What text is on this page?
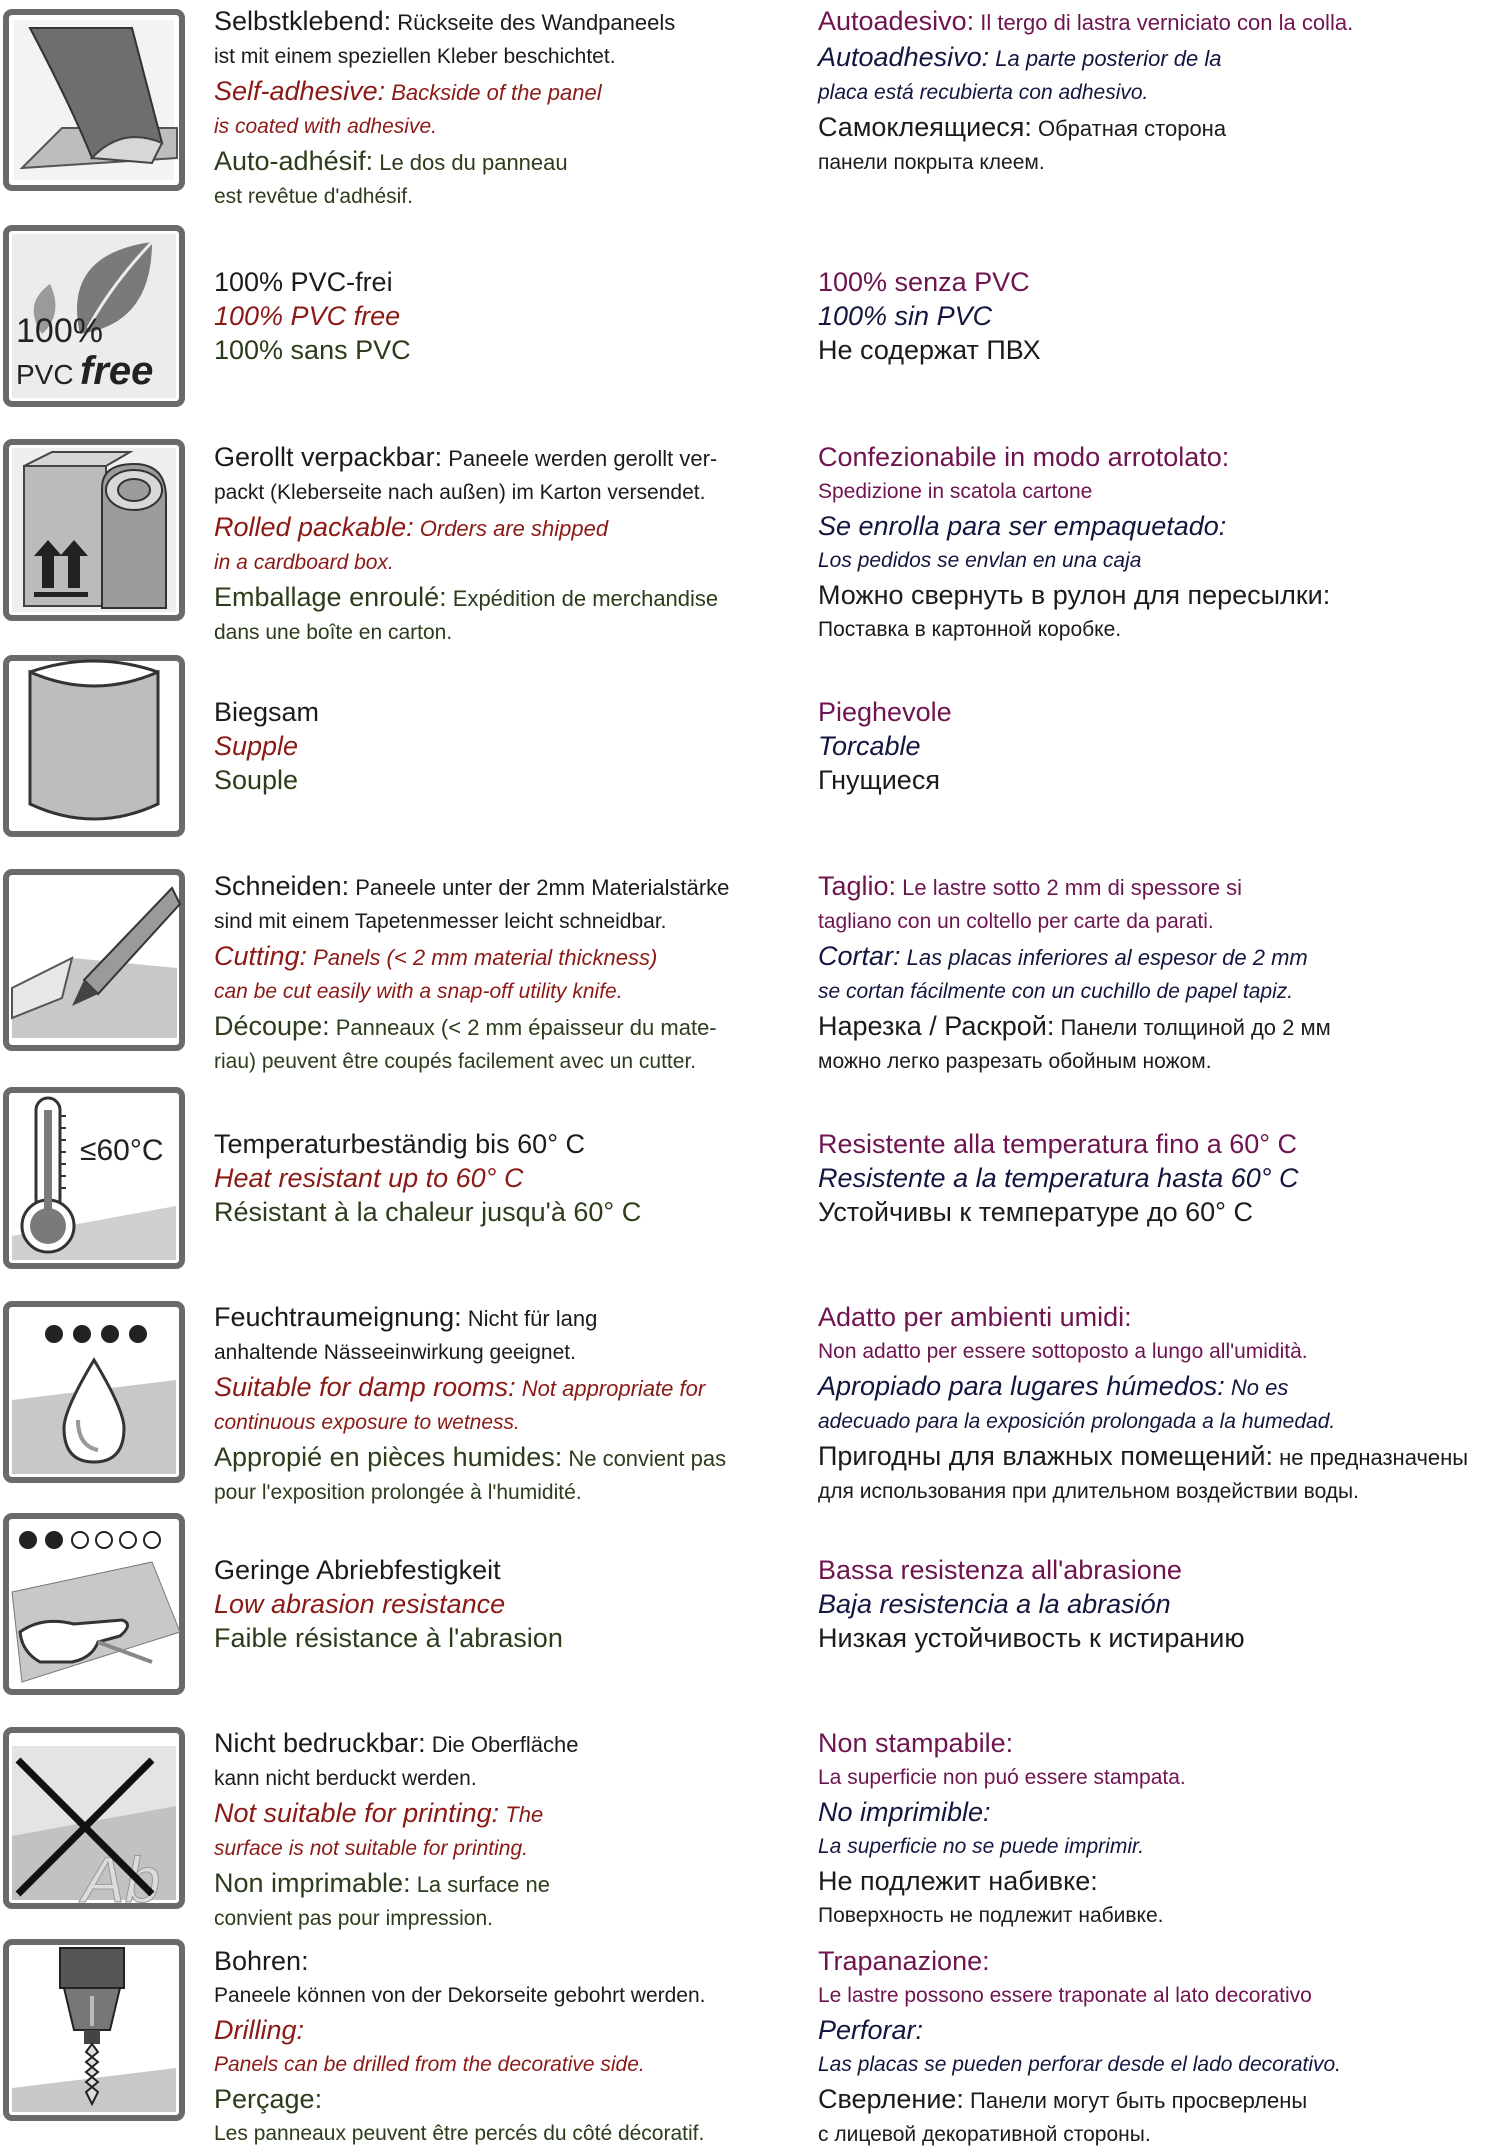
Selbstklebend: Rückseite des Wandpaneels
ist mit einem speziellen Kleber beschichtet.
Self-adhesive: Backside of the panel
is coated with adhesive.
Auto-adhésif: Le dos du panneau
est revêtue d'adhésif.
Autoadesivo: Il tergo di lastra verniciato con la colla.
Autoadhesivo: La parte posterior de la
placa está recubierta con adhesivo.
Самоклеящиеся: Обратная сторона
панели покрыта клеем.
100%
PVC free
100% PVC-frei
100% PVC free
100% sans PVC
100% senza PVC
100% sin PVC
Не содержат ПВХ
Gerollt verpackbar: Paneele werden gerollt ver-
packt (Kleberseite nach außen) im Karton versendet.
Rolled packable: Orders are shipped
in a cardboard box.
Emballage enroulé: Expédition de merchandise
dans une boîte en carton.
Confezionabile in modo arrotolato:
Spedizione in scatola cartone
Se enrolla para ser empaquetado:
Los pedidos se envlan en una caja
Можно свернуть в рулон для пересылки:
Поставка в картонной коробке.
Biegsam
Supple
Souple
Pieghevole
Torcable
Гнущиеся
Schneiden: Paneele unter der 2mm Materialstärke
sind mit einem Tapetenmesser leicht schneidbar.
Cutting: Panels (< 2 mm material thickness)
can be cut easily with a snap-off utility knife.
Découpe: Panneaux (< 2 mm épaisseur du mate-
riau) peuvent être coupés facilement avec un cutter.
Taglio: Le lastre sotto 2 mm di spessore si
tagliano con un coltello per carte da parati.
Cortar: Las placas inferiores al espesor de 2 mm
se cortan fácilmente con un cuchillo de papel tapiz.
Нарезка / Раскрой: Панели толщиной до 2 мм
можно легко разрезать обойным ножом.
≤60°C Temperaturbeständig bis 60° C
Heat resistant up to 60° C
Résistant à la chaleur jusqu'à 60° C
Resistente alla temperatura fino a 60° C
Resistente a la temperatura hasta 60° C
Устойчивы к температуре до 60° C
Feuchtraumeignung: Nicht für lang
anhaltende Nässeeinwirkung geeignet.
Suitable for damp rooms: Not appropriate for
continuous exposure to wetness.
Appropié en pièces humides: Ne convient pas
pour l'exposition prolongée à l'humidité.
Adatto per ambienti umidi:
Non adatto per essere sottoposto a lungo all'umidità.
Apropiado para lugares húmedos: No es
adecuado para la exposición prolongada a la humedad.
Пригодны для влажных помещений: не предназначены
для использования при длительном воздействии воды.
Geringe Abriebfestigkeit
Low abrasion resistance
Faible résistance à l'abrasion
Bassa resistenza all'abrasione
Baja resistencia a la abrasión
Низкая устойчивость к истиранию
Ab
Nicht bedruckbar: Die Oberfläche
kann nicht berduckt werden.
Not suitable for printing: The
surface is not suitable for printing.
Non imprimable: La surface ne
convient pas pour impression.
Non stampabile:
La superficie non puó essere stampata.
No imprimible:
La superficie no se puede imprimir.
Не подлежит набивке:
Поверхность не подлежит набивке.
Bohren:
Paneele können von der Dekorseite gebohrt werden.
Drilling:
Panels can be drilled from the decorative side.
Perçage:
Les panneaux peuvent être percés du côté décoratif.
Trapanazione:
Le lastre possono essere traponate al lato decorativo
Perforar:
Las placas se pueden perforar desde el lado decorativo.
Сверление: Панели могут быть просверлены
с лицевой декоративной стороны.
